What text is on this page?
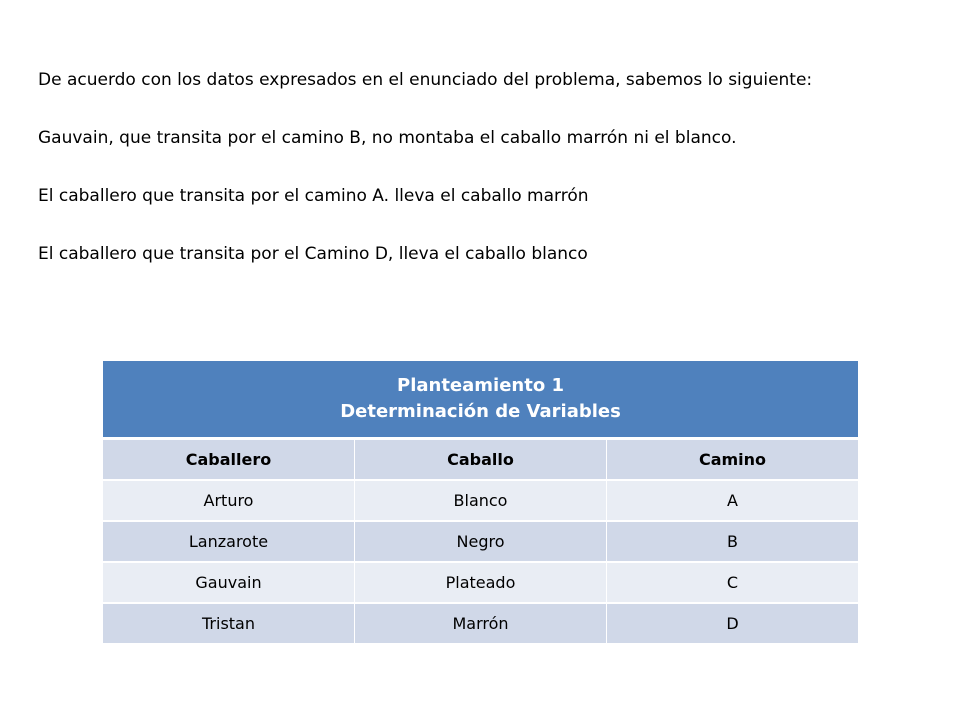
De acuerdo con los datos expresados en el enunciado del problema, sabemos lo siguiente:

Gauvain, que transita por el camino B, no montaba el caballo marrón ni el blanco.

El caballero que transita por el camino A. lleva el caballo marrón

El caballero que transita por el Camino D, lleva el caballo blanco

Planteamiento 1
Determinación de Variables		

Caballero	Caballo	Camino
Arturo	Blanco	A
Lanzarote	Negro	B
Gauvain	Plateado	C
Tristan	Marrón	D
